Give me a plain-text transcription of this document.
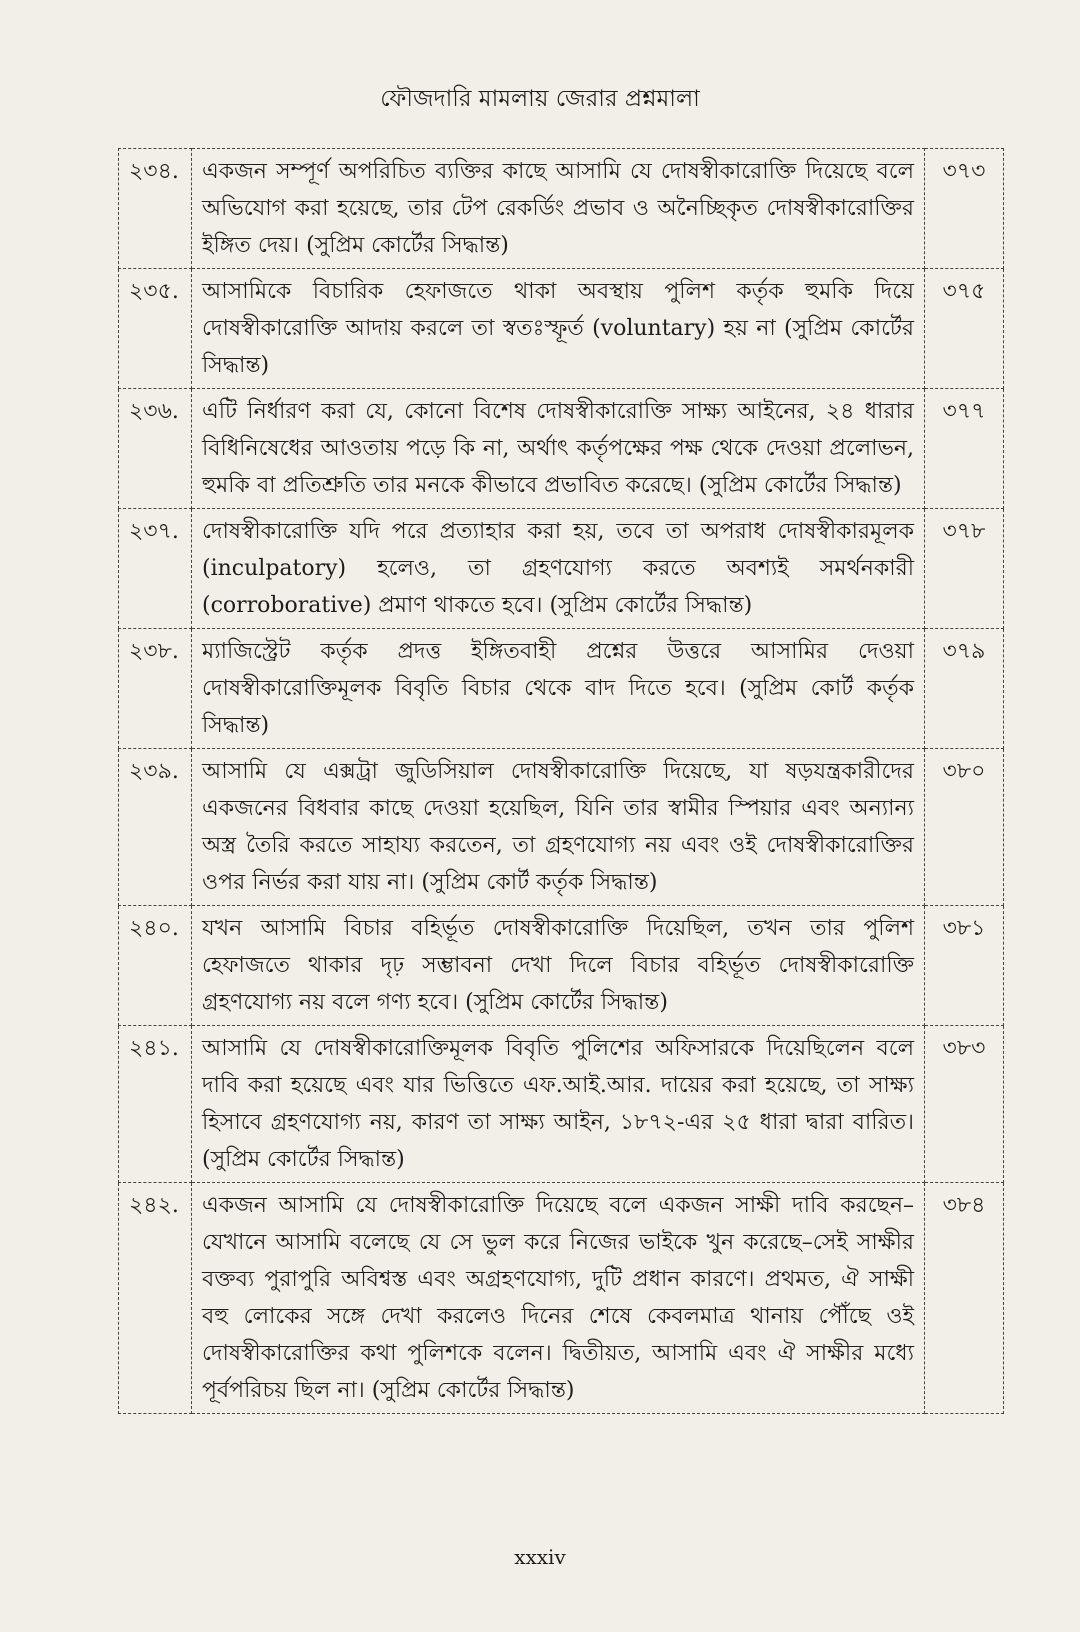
ফৌজদারি মামলায় জেরার প্রশ্নমালা
২৩৪.	একজন সম্পূর্ণ অপরিচিত ব্যক্তির কাছে আসামি যে দোষস্বীকারোক্তি দিয়েছে বলে অভিযোগ করা হয়েছে, তার টেপ রেকর্ডিং প্রভাব ও অনৈচ্ছিকৃত দোষস্বীকারোক্তির ইঙ্গিত দেয়। (সুপ্রিম কোর্টের সিদ্ধান্ত)	৩৭৩
২৩৫.	আসামিকে বিচারিক হেফাজতে থাকা অবস্থায় পুলিশ কর্তৃক হুমকি দিয়ে দোষস্বীকারোক্তি আদায় করলে তা স্বতঃস্ফূর্ত (voluntary) হয় না (সুপ্রিম কোর্টের সিদ্ধান্ত)	৩৭৫
২৩৬.	এটি নির্ধারণ করা যে, কোনো বিশেষ দোষস্বীকারোক্তি সাক্ষ্য আইনের, ২৪ ধারার বিধিনিষেধের আওতায় পড়ে কি না, অর্থাৎ কর্তৃপক্ষের পক্ষ থেকে দেওয়া প্রলোভন, হুমকি বা প্রতিশ্রুতি তার মনকে কীভাবে প্রভাবিত করেছে। (সুপ্রিম কোর্টের সিদ্ধান্ত)	৩৭৭
২৩৭.	দোষস্বীকারোক্তি যদি পরে প্রত্যাহার করা হয়, তবে তা অপরাধ দোষস্বীকারমূলক (inculpatory) হলেও, তা গ্রহণযোগ্য করতে অবশ্যই সমর্থনকারী (corroborative) প্রমাণ থাকতে হবে। (সুপ্রিম কোর্টের সিদ্ধান্ত)	৩৭৮
২৩৮.	ম্যাজিস্ট্রেট কর্তৃক প্রদত্ত ইঙ্গিতবাহী প্রশ্নের উত্তরে আসামির দেওয়া দোষস্বীকারোক্তিমূলক বিবৃতি বিচার থেকে বাদ দিতে হবে। (সুপ্রিম কোর্ট কর্তৃক সিদ্ধান্ত)	৩৭৯
২৩৯.	আসামি যে এক্সট্রা জুডিসিয়াল দোষস্বীকারোক্তি দিয়েছে, যা ষড়যন্ত্রকারীদের একজনের বিধবার কাছে দেওয়া হয়েছিল, যিনি তার স্বামীর স্পিয়ার এবং অন্যান্য অস্ত্র তৈরি করতে সাহায্য করতেন, তা গ্রহণযোগ্য নয় এবং ওই দোষস্বীকারোক্তির ওপর নির্ভর করা যায় না। (সুপ্রিম কোর্ট কর্তৃক সিদ্ধান্ত)	৩৮০
২৪০.	যখন আসামি বিচার বহির্ভূত দোষস্বীকারোক্তি দিয়েছিল, তখন তার পুলিশ হেফাজতে থাকার দৃঢ় সম্ভাবনা দেখা দিলে বিচার বহির্ভূত দোষস্বীকারোক্তি গ্রহণযোগ্য নয় বলে গণ্য হবে। (সুপ্রিম কোর্টের সিদ্ধান্ত)	৩৮১
২৪১.	আসামি যে দোষস্বীকারোক্তিমূলক বিবৃতি পুলিশের অফিসারকে দিয়েছিলেন বলে দাবি করা হয়েছে এবং যার ভিত্তিতে এফ.আই.আর. দায়ের করা হয়েছে, তা সাক্ষ্য হিসাবে গ্রহণযোগ্য নয়, কারণ তা সাক্ষ্য আইন, ১৮৭২-এর ২৫ ধারা দ্বারা বারিত। (সুপ্রিম কোর্টের সিদ্ধান্ত)	৩৮৩
২৪২.	একজন আসামি যে দোষস্বীকারোক্তি দিয়েছে বলে একজন সাক্ষী দাবি করছেন– যেখানে আসামি বলেছে যে সে ভুল করে নিজের ভাইকে খুন করেছে–সেই সাক্ষীর বক্তব্য পুরাপুরি অবিশ্বস্ত এবং অগ্রহণযোগ্য, দুটি প্রধান কারণে। প্রথমত, ঐ সাক্ষী বহু লোকের সঙ্গে দেখা করলেও দিনের শেষে কেবলমাত্র থানায় পৌঁছে ওই দোষস্বীকারোক্তির কথা পুলিশকে বলেন। দ্বিতীয়ত, আসামি এবং ঐ সাক্ষীর মধ্যে পূর্বপরিচয় ছিল না। (সুপ্রিম কোর্টের সিদ্ধান্ত)	৩৮৪
xxxiv
